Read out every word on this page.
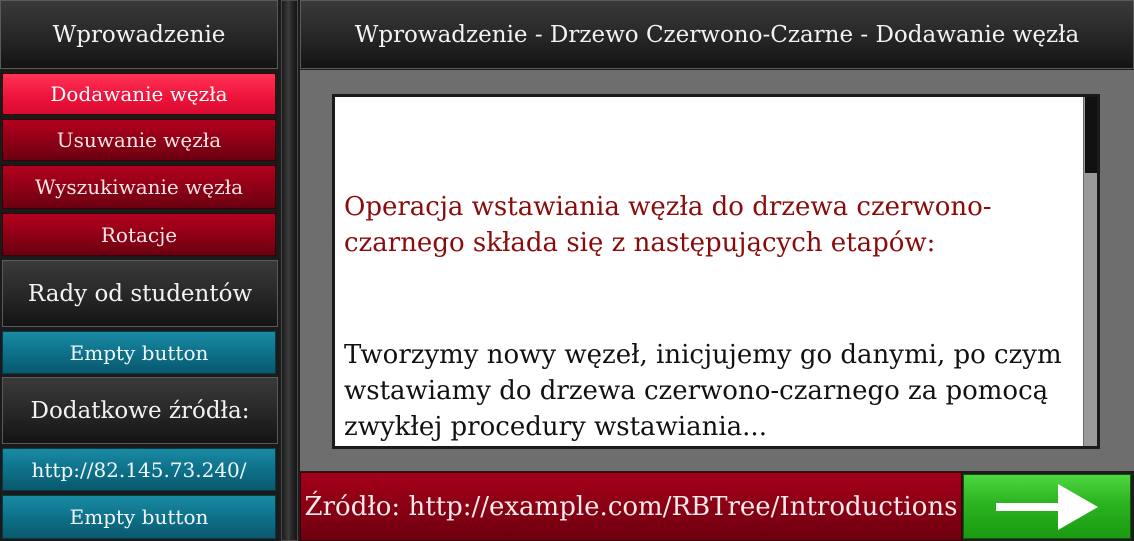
Wprowadzenie
Dodawanie węzła
Usuwanie węzła
Wyszukiwanie węzła
Rotacje
Rady od studentów
Empty button
Dodatkowe źródła:
http://82.145.73.240/
Empty button
Wprowadzenie - Drzewo Czerwono-Czarne - Dodawanie węzła

Operacja wstawiania węzła do drzewa czerwono-czarnego składa się z następujących etapów:

Tworzymy nowy węzeł, inicjujemy go danymi, po czym wstawiamy do drzewa czerwono-czarnego za pomocą zwykłej procedury wstawiania...

Źródło: http://example.com/RBTree/Introductions
